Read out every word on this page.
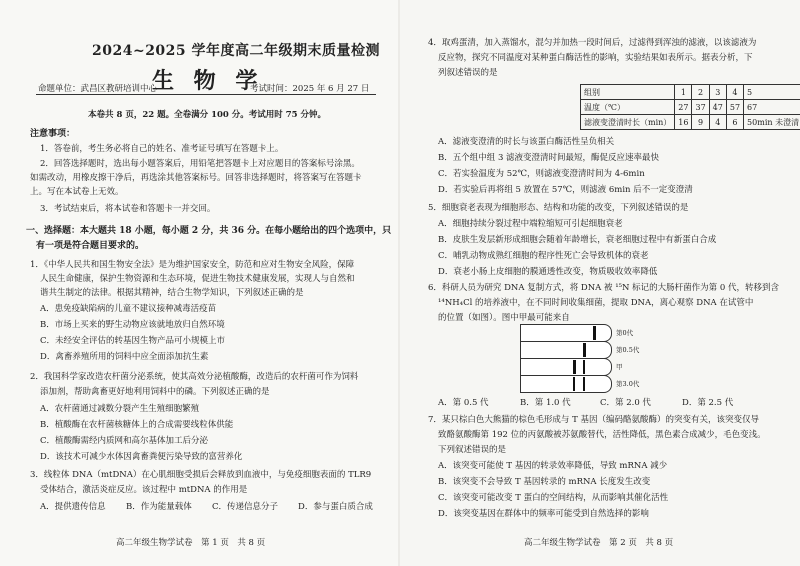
2024~2025 学年度高二年级期末质量检测
生 物 学
命题单位：武昌区教研培训中心	考试时间：2025 年 6 月 27 日
本卷共 8 页，22 题。全卷满分 100 分。考试用时 75 分钟。
注意事项：
1．答卷前，考生务必将自己的姓名、准考证号填写在答题卡上。
2．回答选择题时，选出每小题答案后，用铅笔把答题卡上对应题目的答案标号涂黑。
如需改动，用橡皮擦干净后，再选涂其他答案标号。回答非选择题时，将答案写在答题卡
上。写在本试卷上无效。
3．考试结束后，将本试卷和答题卡一并交回。
一、选择题：本大题共 18 小题，每小题 2 分，共 36 分。在每小题给出的四个选项中，只
有一项是符合题目要求的。
1．《中华人民共和国生物安全法》是为维护国家安全，防范和应对生物安全风险，保障
人民生命健康，保护生物资源和生态环境，促进生物技术健康发展，实现人与自然和
谐共生制定的法律。根据其精神，结合生物学知识，下列叙述正确的是
A．患免疫缺陷病的儿童不建议接种减毒活疫苗
B．市场上买来的野生动物应该就地放归自然环境
C．未经安全评估的转基因生物产品可小规模上市
D．禽畜养殖所用的饲料中应全面添加抗生素
2．我国科学家改造农杆菌分泌系统，使其高效分泌植酸酶，改造后的农杆菌可作为饲料
添加剂，帮助禽畜更好地利用饲料中的磷。下列叙述正确的是
A．农杆菌通过减数分裂产生生殖细胞繁殖
B．植酸酶在农杆菌核糖体上的合成需要线粒体供能
C．植酸酶需经内质网和高尔基体加工后分泌
D．该技术可减少水体因禽畜粪便污染导致的富营养化
3．线粒体 DNA（mtDNA）在心肌细胞受损后会释放到血液中，与免疫细胞表面的 TLR9
受体结合，激活炎症反应。该过程中 mtDNA 的作用是
A．提供遗传信息 B．作为能量载体 C．传递信息分子 D．参与蛋白质合成
高二年级生物学试卷　第 1 页　共 8 页
4．取鸡蛋清，加入蒸馏水，混匀并加热一段时间后，过滤得到浑浊的滤液，以该滤液为
反应物，探究不同温度对某种蛋白酶活性的影响，实验结果如表所示。据表分析，下
列叙述错误的是
组别	1	2	3	4	5
温度（℃）	27	37	47	57	67
滤液变澄清时长（min）	16	9	4	6	50min 未澄清
A．滤液变澄清的时长与该蛋白酶活性呈负相关
B．五个组中组 3 滤液变澄清时间最短，酶促反应速率最快
C．若实验温度为 52℃，则滤液变澄清时间为 4-6min
D．若实验后再将组 5 放置在 57℃，则滤液 6min 后不一定变澄清
5．细胞衰老表现为细胞形态、结构和功能的改变，下列叙述错误的是
A．细胞持续分裂过程中端粒缩短可引起细胞衰老
B．皮肤生发层新形成细胞会随着年龄增长，衰老细胞过程中有新蛋白合成
C．哺乳动物成熟红细胞的程序性死亡会导致机体的衰老
D．衰老小肠上皮细胞的膜通透性改变，物质吸收效率降低
6．科研人员为研究 DNA 复制方式，将 DNA 被 ¹⁵N 标记的大肠杆菌作为第 0 代，转移到含
¹⁴NH₄Cl 的培养液中，在不同时间收集细菌，提取 DNA，离心观察 DNA 在试管中
的位置（如图）。图中甲最可能来自
第0代
第0.5代
甲
第3.0代
A．第 0.5 代	B．第 1.0 代	C．第 2.0 代	D．第 2.5 代
7．某只棕白色大熊猫的棕色毛形成与 T 基因（编码酪氨酸酶）的突变有关，该突变仅导
致酪氨酸酶第 192 位的丙氨酸被苏氨酸替代，活性降低，黑色素合成减少，毛色变浅。
下列叙述错误的是
A．该突变可能使 T 基因的转录效率降低，导致 mRNA 减少
B．该突变不会导致 T 基因转录的 mRNA 长度发生改变
C．该突变可能改变 T 蛋白的空间结构，从而影响其催化活性
D．该突变基因在群体中的频率可能受到自然选择的影响
高二年级生物学试卷　第 2 页　共 8 页
